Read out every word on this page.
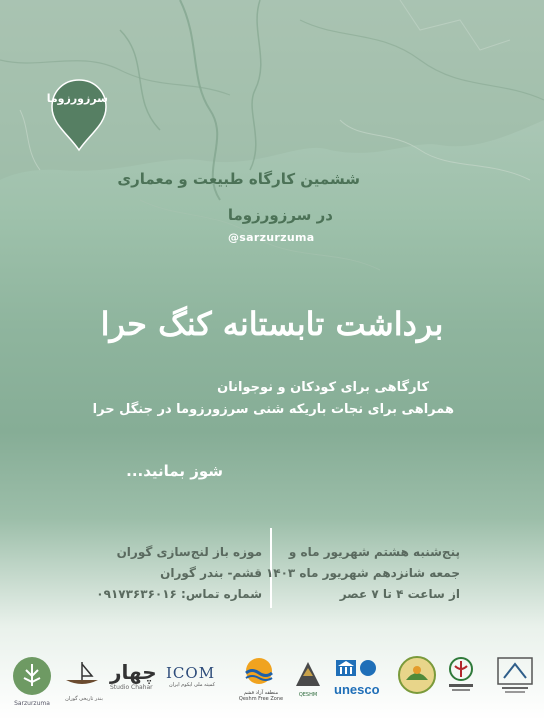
سرزورزوما
ششمین کارگاه طبیعت و معماری
در سرزورزوما
@sarzurzuma
برداشت تابستانه کنگ حرا
کارگاهی برای کودکان و نوجوانان
همراهی برای نجات باریکه شنی سرزورزوما در جنگل حرا
شوز بمانید...
موزه باز لنج‌سازی گوران
قشم- بندر گوران
شماره تماس: ۰۹۱۷۳۶۳۶۰۱۶
پنج‌شنبه هشتم شهریور ماه و
جمعه شانزدهم شهریور ماه ۱۴۰۳
از ساعت ۴ تا ۷ عصر
Sarzurzuma
بندر تاریخی گوران
چهار
Studio Chahar
ICOM
کمیته ملی ایکوم ایران
منطقه آزاد قشم
Qeshm Free Zone
QESHM	unesco
